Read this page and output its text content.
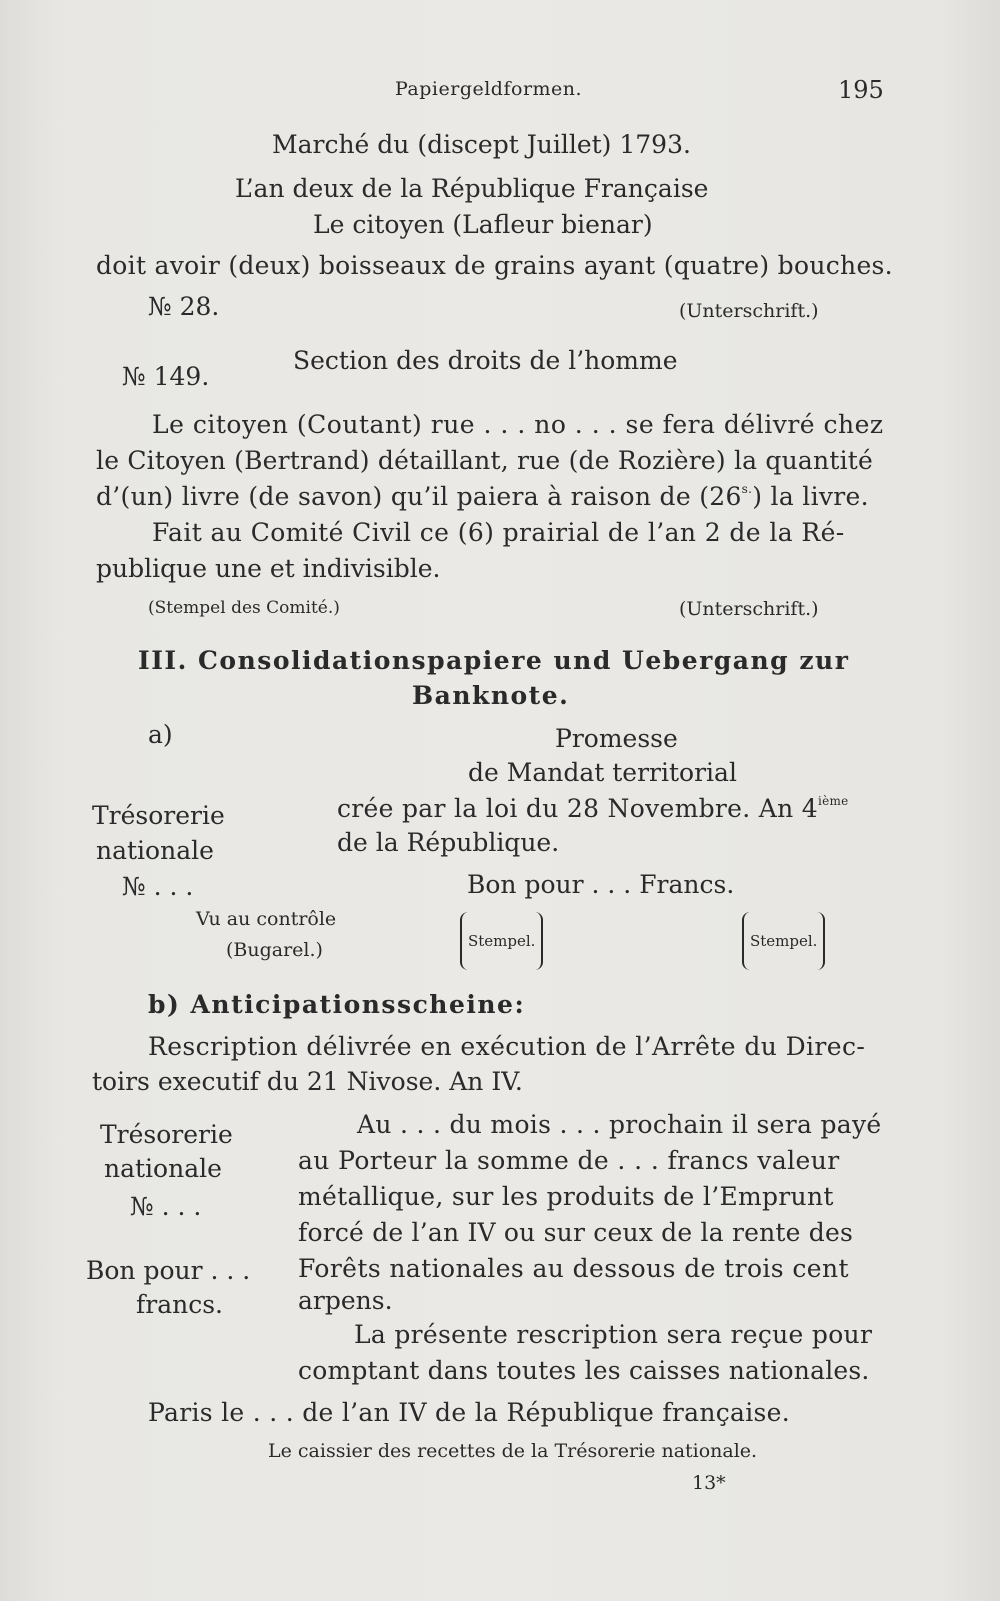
Papiergeldformen.	195
Marché du (discept Juillet) 1793.
L’an deux de la République Française
Le citoyen (Lafleur bienar)
doit avoir (deux) boisseaux de grains ayant (quatre) bouches.
№ 28.	(Unterschrift.)
Section des droits de l’homme
№ 149.
Le citoyen (Coutant) rue . . . no . . . se fera délivré chez
le Citoyen (Bertrand) détaillant, rue (de Rozière) la quantité
d’(un) livre (de savon) qu’il paiera à raison de $(26^{s.})$ la livre.
Fait au Comité Civil ce (6) prairial de l’an 2 de la Ré-
publique une et indivisible.
(Stempel des Comité.)	(Unterschrift.)
III. Consolidationspapiere und Uebergang zur
Banknote.
a)	Promesse
de Mandat territorial
Trésorerie	crée par la loi du 28 Novembre. An 4ième
de la République.
nationale
№ . . .	Bon pour . . . Francs.
Vu au contrôle
(Bugarel.)	Stempel.	Stempel.
b) Anticipationsscheine:
Rescription délivrée en exécution de l’Arrête du Direc-
toirs executif du 21 Nivose. An IV.
Trésorerie
nationale
№ . . .
Bon pour . . .
francs.
Au . . . du mois . . . prochain il sera payé
au Porteur la somme de . . . francs valeur
métallique, sur les produits de l’Emprunt
forcé de l’an IV ou sur ceux de la rente des
Forêts nationales au dessous de trois cent
arpens.
La présente rescription sera reçue pour
comptant dans toutes les caisses nationales.
Paris le . . . de l’an IV de la République française.
Le caissier des recettes de la Trésorerie nationale.
13*
